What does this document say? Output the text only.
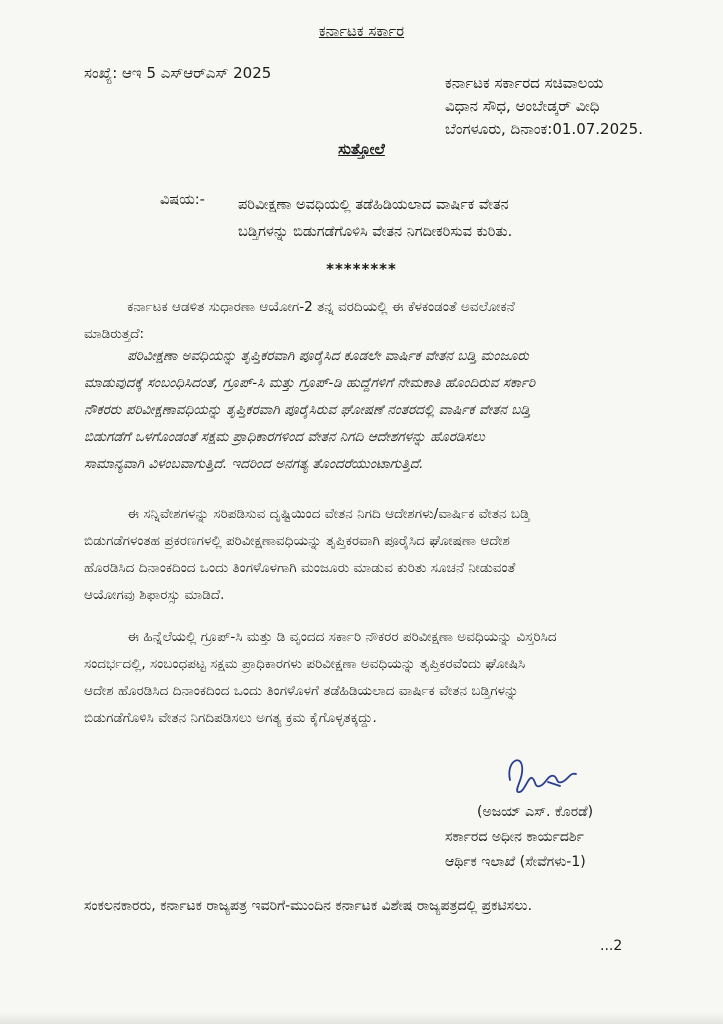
ಕರ್ನಾಟಕ ಸರ್ಕಾರ
ಸಂಖ್ಯೆ: ಆಇ 5 ಎಸ್‌ಆರ್‌ಎಸ್ 2025
ಕರ್ನಾಟಕ ಸರ್ಕಾರದ ಸಚಿವಾಲಯ
ವಿಧಾನ ಸೌಧ, ಅಂಬೇಡ್ಕರ್ ವೀಧಿ
ಬೆಂಗಳೂರು, ದಿನಾಂಕ:01.07.2025.
ಸುತ್ತೋಲೆ
ವಿಷಯ:- ಪರಿವೀಕ್ಷಣಾ ಅವಧಿಯಲ್ಲಿ ತಡೆಹಿಡಿಯಲಾದ ವಾರ್ಷಿಕ ವೇತನ
ಬಡ್ತಿಗಳನ್ನು ಬಿಡುಗಡೆಗೊಳಿಸಿ ವೇತನ ನಿಗದೀಕರಿಸುವ ಕುರಿತು.
********
ಕರ್ನಾಟಕ ಆಡಳಿತ ಸುಧಾರಣಾ ಆಯೋಗ-2 ತನ್ನ ವರದಿಯಲ್ಲಿ ಈ ಕೆಳಕಂಡಂತೆ ಅವಲೋಕನೆ
ಮಾಡಿರುತ್ತದೆ:
ಪರಿವೀಕ್ಷಣಾ ಅವಧಿಯನ್ನು ತೃಪ್ತಿಕರವಾಗಿ ಪೂರೈಸಿದ ಕೂಡಲೇ ವಾರ್ಷಿಕ ವೇತನ ಬಡ್ತಿ ಮಂಜೂರು
ಮಾಡುವುದಕ್ಕೆ ಸಂಬಂಧಿಸಿದಂತೆ, ಗ್ರೂಪ್-ಸಿ ಮತ್ತು ಗ್ರೂಪ್-ಡಿ ಹುದ್ದೆಗಳಿಗೆ ನೇಮಕಾತಿ ಹೊಂದಿರುವ ಸರ್ಕಾರಿ
ನೌಕರರು ಪರಿವೀಕ್ಷಣಾವಧಿಯನ್ನು ತೃಪ್ತಿಕರವಾಗಿ ಪೂರೈಸಿರುವ ಘೋಷಣೆ ನಂತರದಲ್ಲಿ ವಾರ್ಷಿಕ ವೇತನ ಬಡ್ತಿ
ಬಿಡುಗಡೆಗೆ ಒಳಗೊಂಡಂತೆ ಸಕ್ಷಮ ಪ್ರಾಧಿಕಾರಗಳಿಂದ ವೇತನ ನಿಗದಿ ಆದೇಶಗಳನ್ನು ಹೊರಡಿಸಲು
ಸಾಮಾನ್ಯವಾಗಿ ವಿಳಂಬವಾಗುತ್ತಿದೆ. ಇದರಿಂದ ಅನಗತ್ಯ ತೊಂದರೆಯುಂಟಾಗುತ್ತಿದೆ.
ಈ ಸನ್ನಿವೇಶಗಳನ್ನು ಸರಿಪಡಿಸುವ ದೃಷ್ಟಿಯಿಂದ ವೇತನ ನಿಗದಿ ಆದೇಶಗಳು/ವಾರ್ಷಿಕ ವೇತನ ಬಡ್ತಿ
ಬಿಡುಗಡೆಗಳಂತಹ ಪ್ರಕರಣಗಳಲ್ಲಿ ಪರಿವೀಕ್ಷಣಾವಧಿಯನ್ನು ತೃಪ್ತಿಕರವಾಗಿ ಪೂರೈಸಿದ ಘೋಷಣಾ ಆದೇಶ
ಹೊರಡಿಸಿದ ದಿನಾಂಕದಿಂದ ಒಂದು ತಿಂಗಳೊಳಗಾಗಿ ಮಂಜೂರು ಮಾಡುವ ಕುರಿತು ಸೂಚನೆ ನೀಡುವಂತೆ
ಆಯೋಗವು ಶಿಫಾರಸ್ಸು ಮಾಡಿದೆ.
ಈ ಹಿನ್ನೆಲೆಯಲ್ಲಿ ಗ್ರೂಪ್-ಸಿ ಮತ್ತು ಡಿ ವೃಂದದ ಸರ್ಕಾರಿ ನೌಕರರ ಪರಿವೀಕ್ಷಣಾ ಅವಧಿಯನ್ನು ವಿಸ್ತರಿಸಿದ
ಸಂದರ್ಭದಲ್ಲಿ, ಸಂಬಂಧಪಟ್ಟ ಸಕ್ಷಮ ಪ್ರಾಧಿಕಾರಗಳು ಪರಿವೀಕ್ಷಣಾ ಅವಧಿಯನ್ನು ತೃಪ್ತಿಕರವೆಂದು ಘೋಷಿಸಿ
ಆದೇಶ ಹೊರಡಿಸಿದ ದಿನಾಂಕದಿಂದ ಒಂದು ತಿಂಗಳೊಳಗೆ ತಡೆಹಿಡಿಯಲಾದ ವಾರ್ಷಿಕ ವೇತನ ಬಡ್ತಿಗಳನ್ನು
ಬಿಡುಗಡೆಗೊಳಿಸಿ ವೇತನ ನಿಗದಿಪಡಿಸಲು ಅಗತ್ಯ ಕ್ರಮ ಕೈಗೊಳ್ಳತಕ್ಕದ್ದು.
(ಅಜಯ್ ಎಸ್. ಕೊರಡೆ)
ಸರ್ಕಾರದ ಅಧೀನ ಕಾರ್ಯದರ್ಶಿ
ಆರ್ಥಿಕ ಇಲಾಖೆ (ಸೇವೆಗಳು-1)
ಸಂಕಲನಕಾರರು, ಕರ್ನಾಟಕ ರಾಜ್ಯಪತ್ರ ಇವರಿಗೆ-ಮುಂದಿನ ಕರ್ನಾಟಕ ವಿಶೇಷ ರಾಜ್ಯಪತ್ರದಲ್ಲಿ ಪ್ರಕಟಿಸಲು.
...2
